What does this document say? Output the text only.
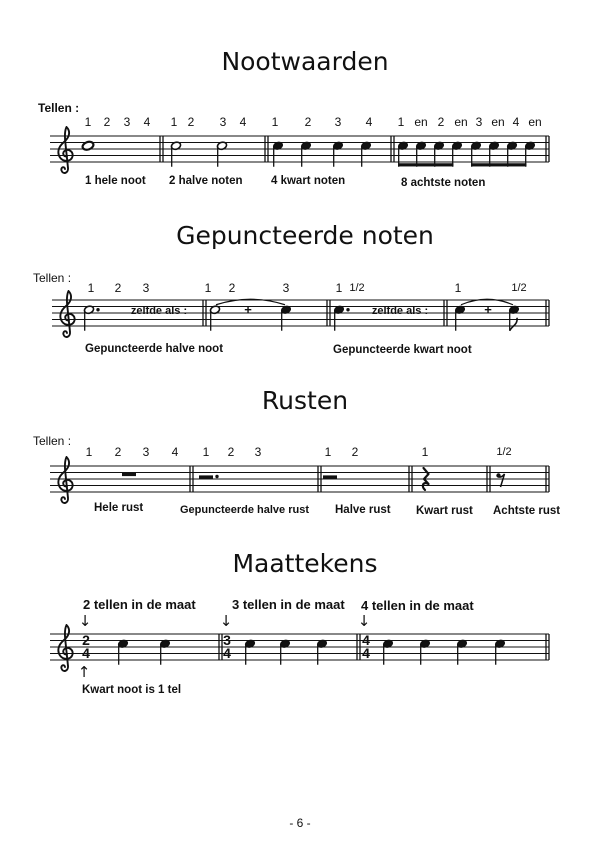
Nootwaarden
Tellen :
1 2 3 4 1 2 3 4 1 2 3 4 1 en 2 en 3 en 4 en
1 hele noot 2 halve noten 4 kwart noten	8 achtste noten
Gepuncteerde noten
Tellen :
1 2 3	1 2	3	1 1/2	1	1/2
zelfde als :	zelfde als :
+	+
Gepuncteerde halve noot	Gepuncteerde kwart noot
Rusten
Tellen :
1 2 3 4 1 2 3	1 2	1	1/2
Hele rust	Gepuncteerde halve rust Halve rust Kwart rust Achtste rust
Maattekens
2 tellen in de maat	3 tellen in de maat 4 tellen in de maat
↓	↓	↓
2
4
3
4
4
4
↑
Kwart noot is 1 tel
- 6 -
